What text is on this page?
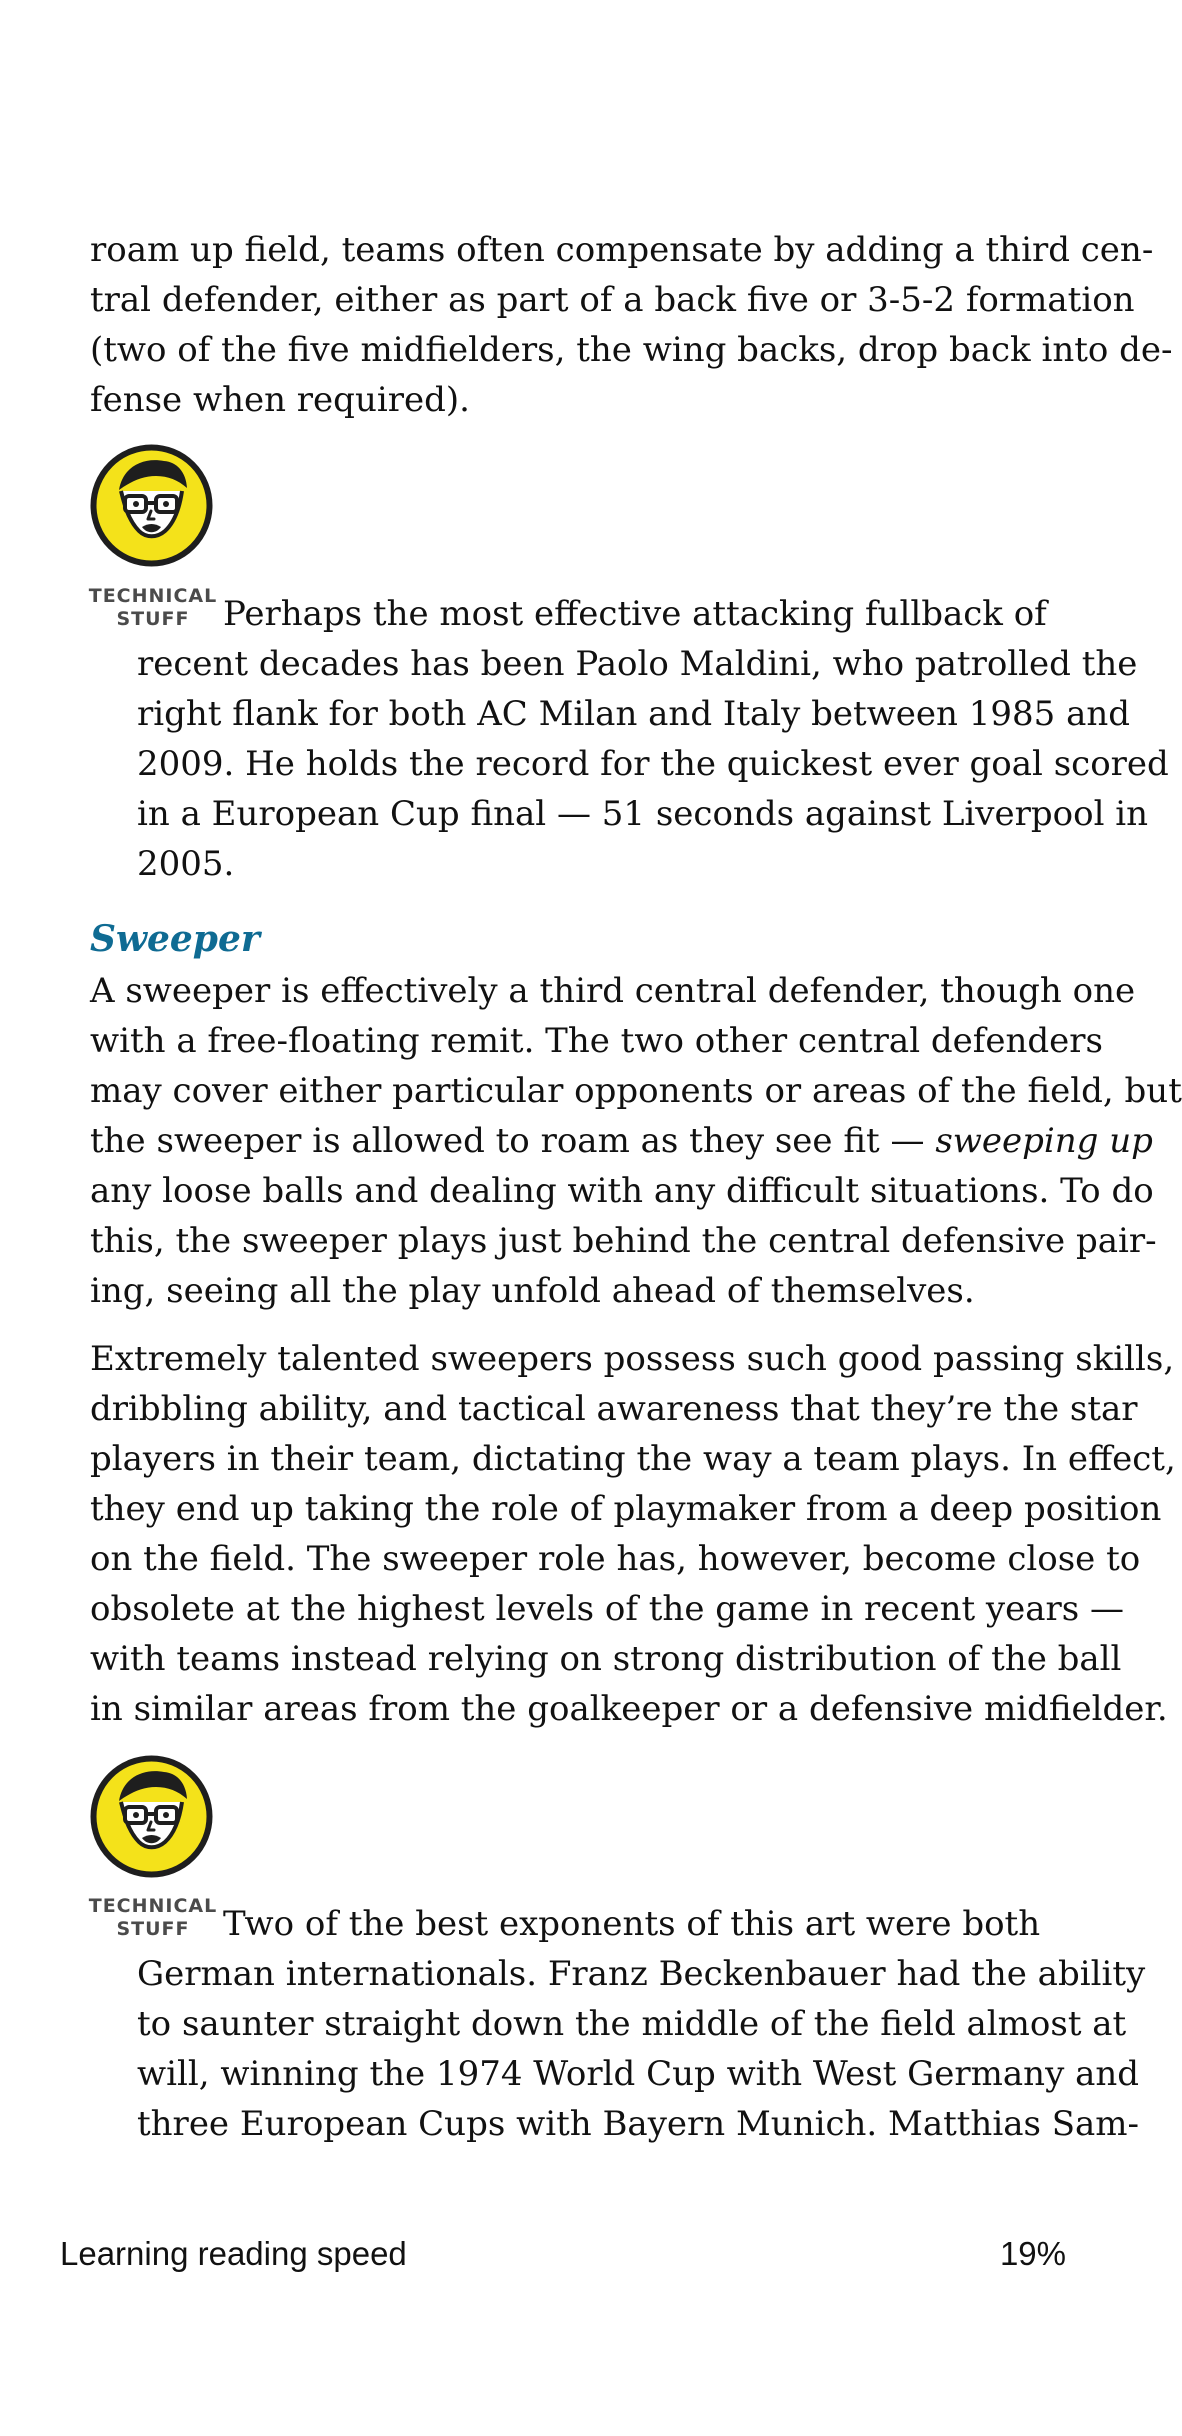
roam up field, teams often compensate by adding a third cen-
tral defender, either as part of a back five or 3-5-2 formation
(two of the five midfielders, the wing backs, drop back into de-
fense when required).
TECHNICAL
STUFF Perhaps the most effective attacking fullback of
recent decades has been Paolo Maldini, who patrolled the
right flank for both AC Milan and Italy between 1985 and
2009. He holds the record for the quickest ever goal scored
in a European Cup final — 51 seconds against Liverpool in
2005.
Sweeper
A sweeper is effectively a third central defender, though one
with a free-floating remit. The two other central defenders
may cover either particular opponents or areas of the field, but
the sweeper is allowed to roam as they see fit — sweeping up
any loose balls and dealing with any difficult situations. To do
this, the sweeper plays just behind the central defensive pair-
ing, seeing all the play unfold ahead of themselves.
Extremely talented sweepers possess such good passing skills,
dribbling ability, and tactical awareness that they’re the star
players in their team, dictating the way a team plays. In effect,
they end up taking the role of playmaker from a deep position
on the field. The sweeper role has, however, become close to
obsolete at the highest levels of the game in recent years —
with teams instead relying on strong distribution of the ball
in similar areas from the goalkeeper or a defensive midfielder.
TECHNICAL
STUFF Two of the best exponents of this art were both
German internationals. Franz Beckenbauer had the ability
to saunter straight down the middle of the field almost at
will, winning the 1974 World Cup with West Germany and
three European Cups with Bayern Munich. Matthias Sam-
Learning reading speed	19%
